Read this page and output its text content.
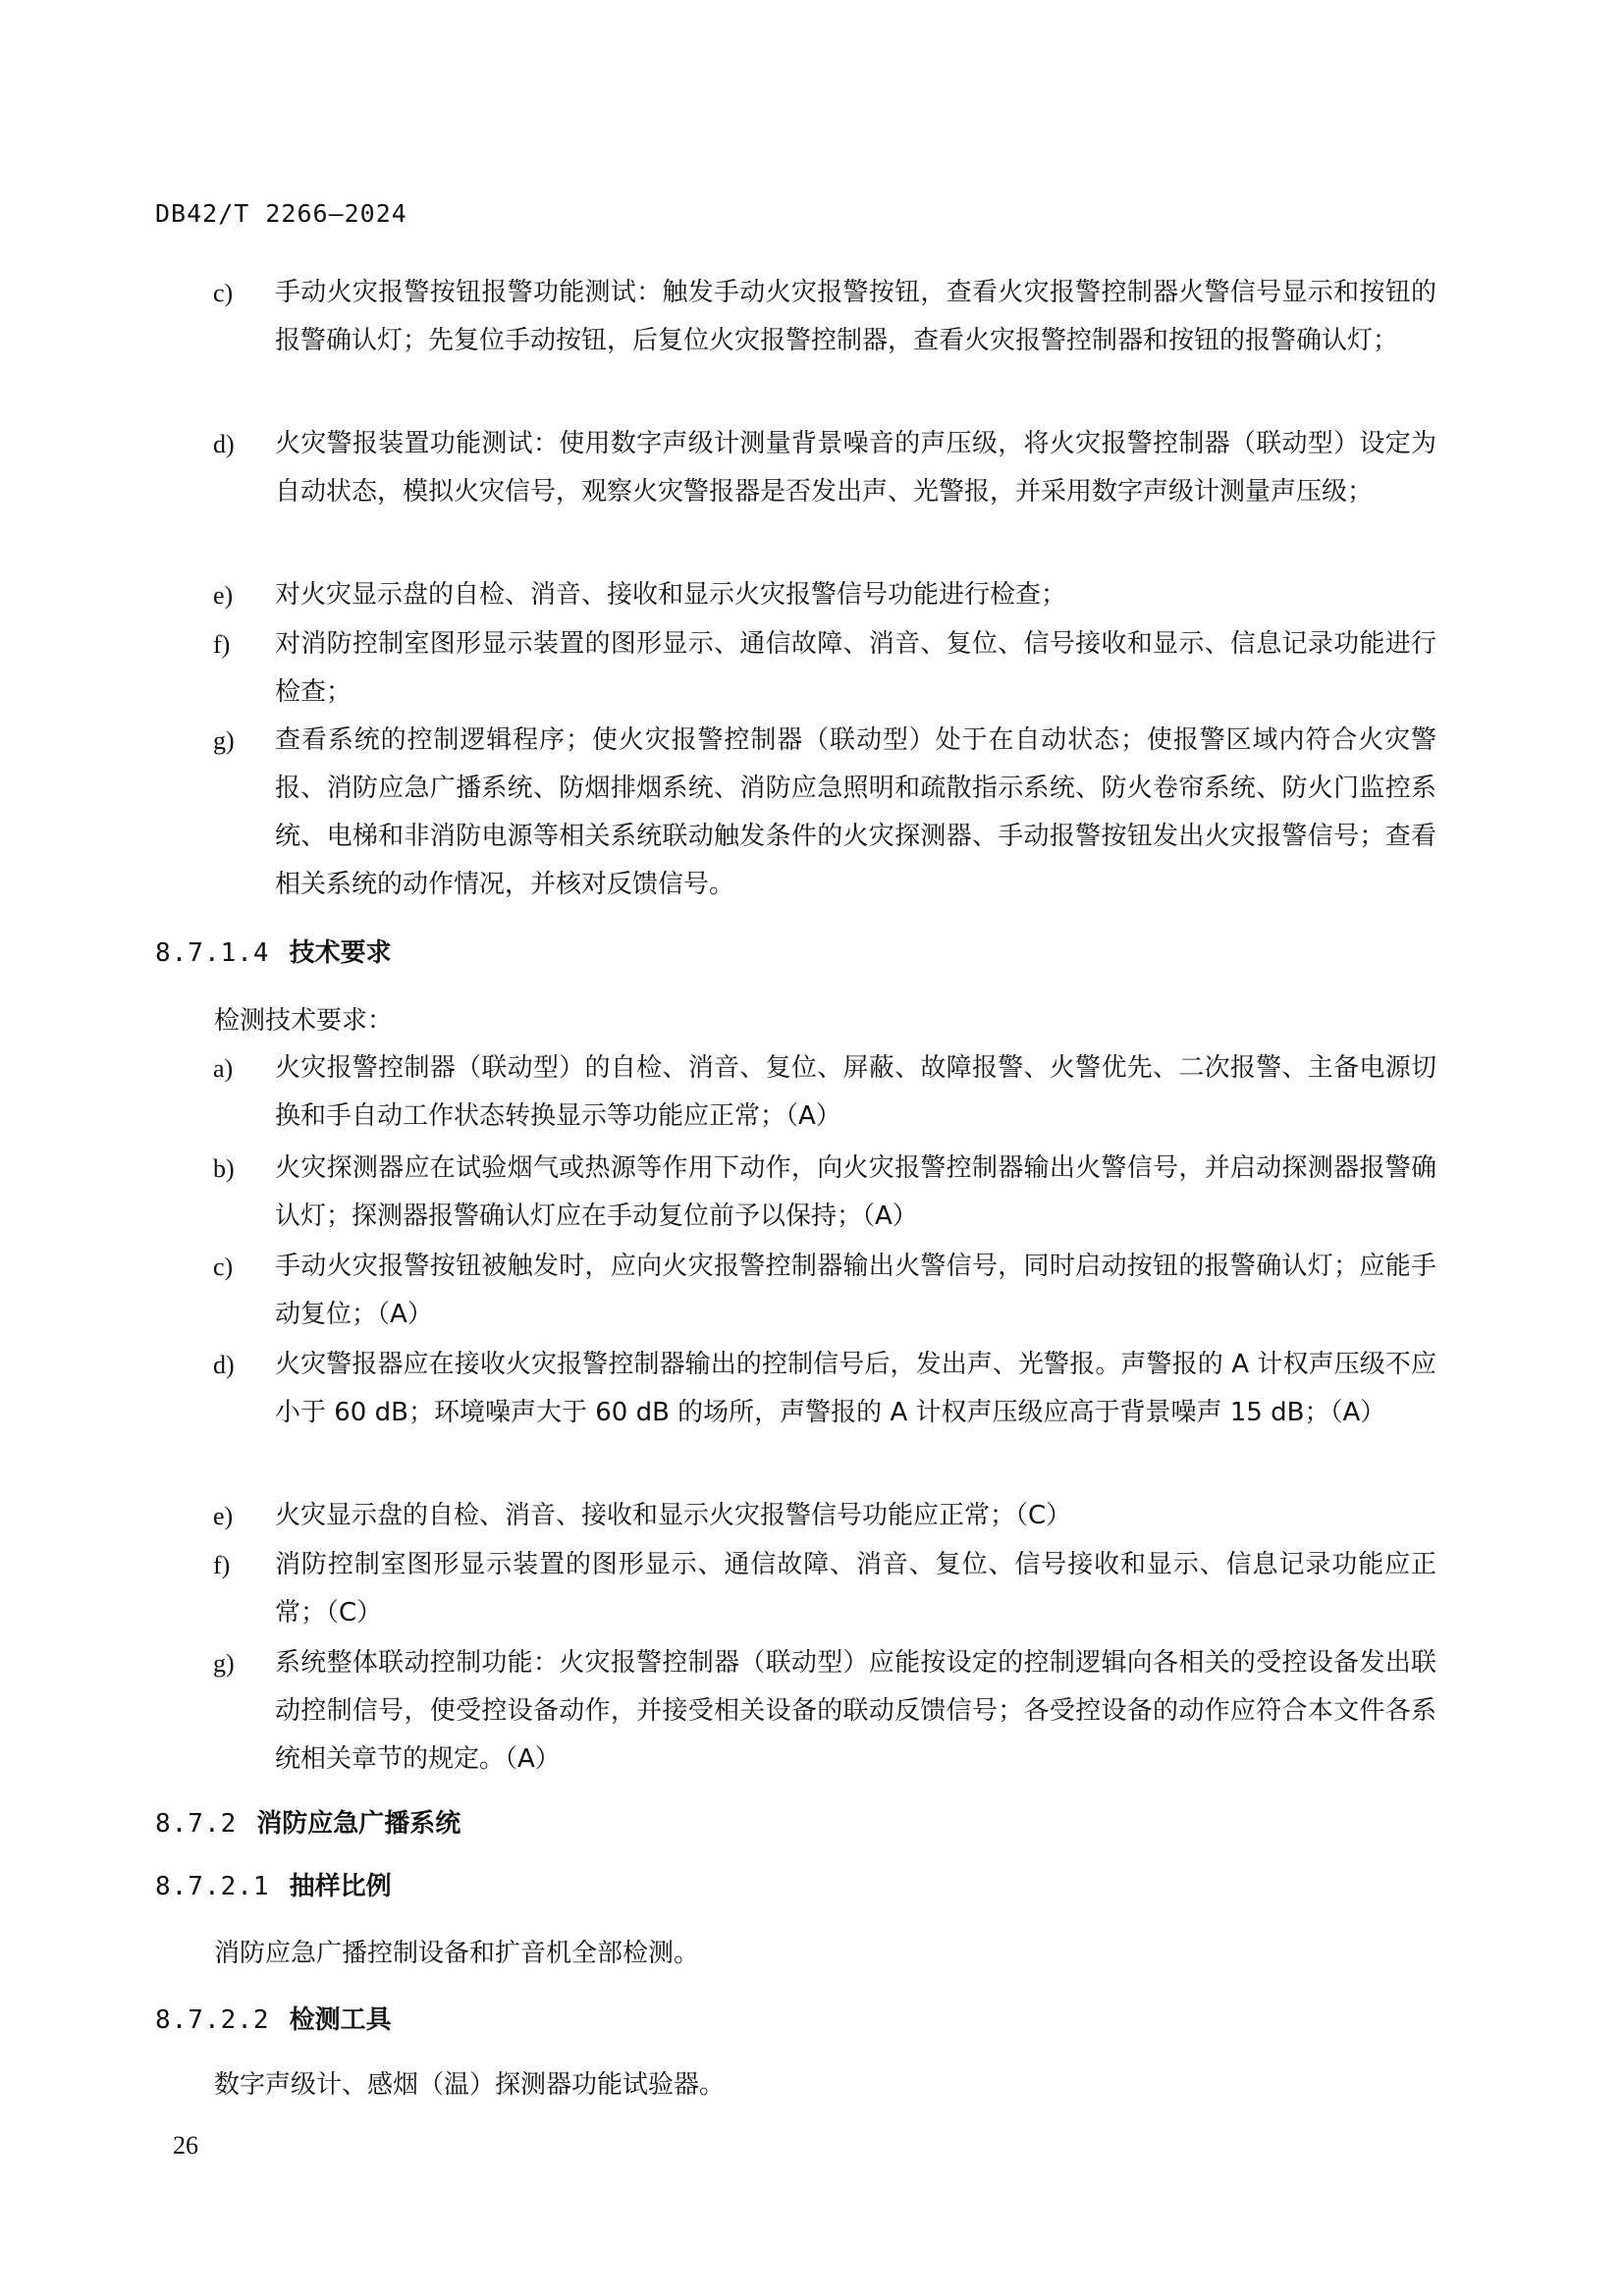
DB42/T 2266—2024
c) 手动火灾报警按钮报警功能测试：触发手动火灾报警按钮，查看火灾报警控制器火警信号显示和按钮的报警确认灯；先复位手动按钮，后复位火灾报警控制器，查看火灾报警控制器和按钮的报警确认灯；
d) 火灾警报装置功能测试：使用数字声级计测量背景噪音的声压级，将火灾报警控制器（联动型）设定为自动状态，模拟火灾信号，观察火灾警报器是否发出声、光警报，并采用数字声级计测量声压级；
e) 对火灾显示盘的自检、消音、接收和显示火灾报警信号功能进行检查；
f) 对消防控制室图形显示装置的图形显示、通信故障、消音、复位、信号接收和显示、信息记录功能进行检查；
g) 查看系统的控制逻辑程序；使火灾报警控制器（联动型）处于在自动状态；使报警区域内符合火灾警报、消防应急广播系统、防烟排烟系统、消防应急照明和疏散指示系统、防火卷帘系统、防火门监控系统、电梯和非消防电源等相关系统联动触发条件的火灾探测器、手动报警按钮发出火灾报警信号；查看相关系统的动作情况，并核对反馈信号。
8.7.1.4 技术要求
检测技术要求：
a) 火灾报警控制器（联动型）的自检、消音、复位、屏蔽、故障报警、火警优先、二次报警、主备电源切换和手自动工作状态转换显示等功能应正常；（A）
b) 火灾探测器应在试验烟气或热源等作用下动作，向火灾报警控制器输出火警信号，并启动探测器报警确认灯；探测器报警确认灯应在手动复位前予以保持；（A）
c) 手动火灾报警按钮被触发时，应向火灾报警控制器输出火警信号，同时启动按钮的报警确认灯；应能手动复位；（A）
d) 火灾警报器应在接收火灾报警控制器输出的控制信号后，发出声、光警报。声警报的 A 计权声压级不应小于 60 dB；环境噪声大于 60 dB 的场所，声警报的 A 计权声压级应高于背景噪声 15 dB；（A）
e) 火灾显示盘的自检、消音、接收和显示火灾报警信号功能应正常；（C）
f) 消防控制室图形显示装置的图形显示、通信故障、消音、复位、信号接收和显示、信息记录功能应正常；（C）
g) 系统整体联动控制功能：火灾报警控制器（联动型）应能按设定的控制逻辑向各相关的受控设备发出联动控制信号，使受控设备动作，并接受相关设备的联动反馈信号；各受控设备的动作应符合本文件各系统相关章节的规定。（A）
8.7.2 消防应急广播系统
8.7.2.1 抽样比例
消防应急广播控制设备和扩音机全部检测。
8.7.2.2 检测工具
数字声级计、感烟（温）探测器功能试验器。
26
